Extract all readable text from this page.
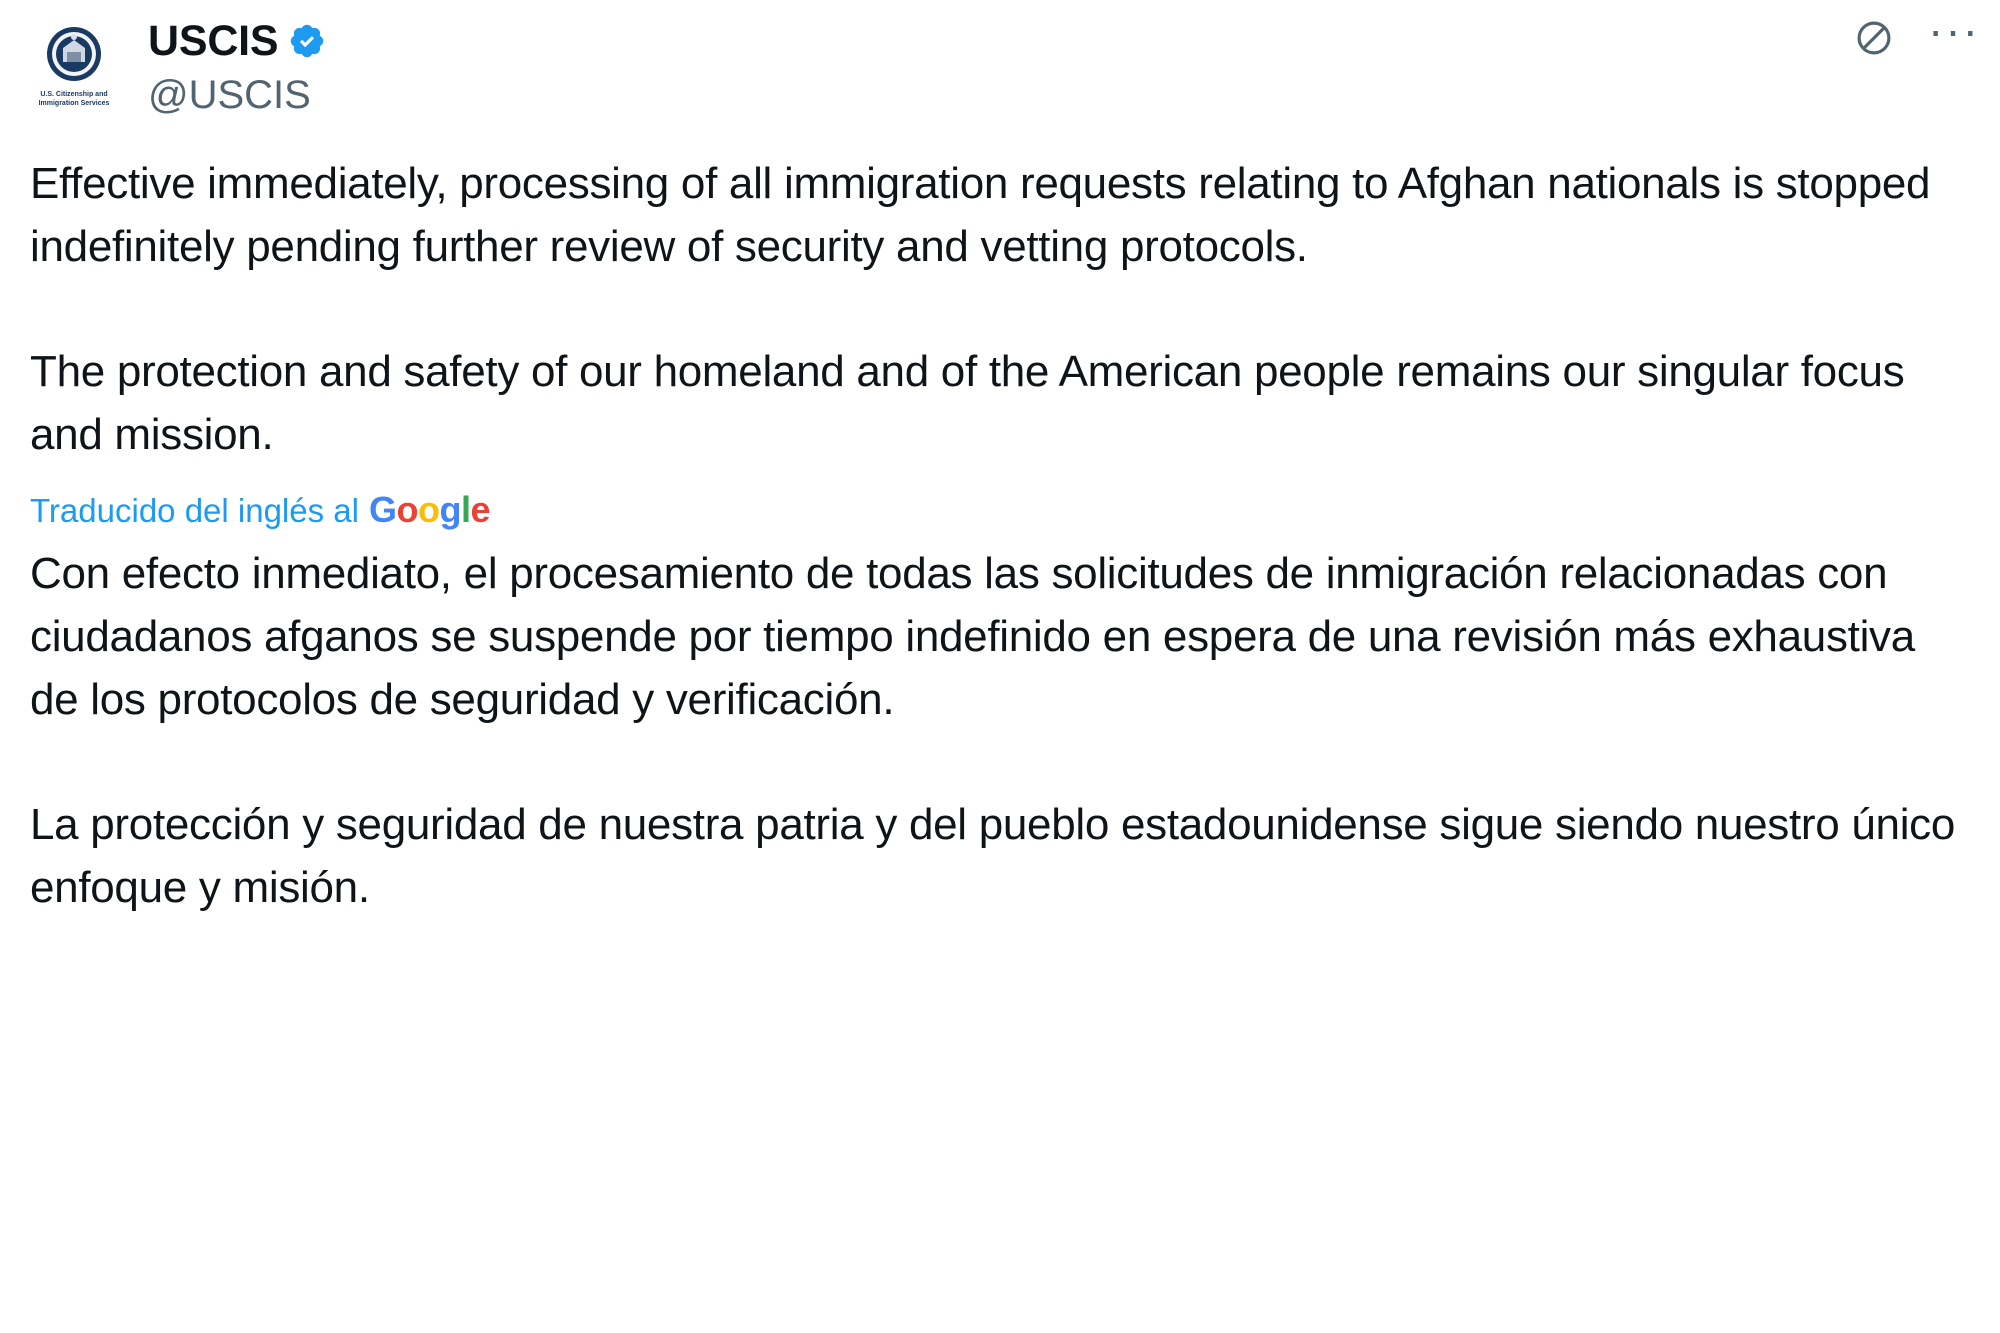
U.S. Citizenship and
Immigration Services
USCIS
@USCIS
···

Effective immediately, processing of all immigration requests relating to Afghan nationals is stopped indefinitely pending further review of security and vetting protocols.

The protection and safety of our homeland and of the American people remains our singular focus and mission.

Traducido del inglés al G o o g l e

Con efecto inmediato, el procesamiento de todas las solicitudes de inmigración relacionadas con ciudadanos afganos se suspende por tiempo indefinido en espera de una revisión más exhaustiva de los protocolos de seguridad y verificación.

La protección y seguridad de nuestra patria y del pueblo estadounidense sigue siendo nuestro único enfoque y misión.
